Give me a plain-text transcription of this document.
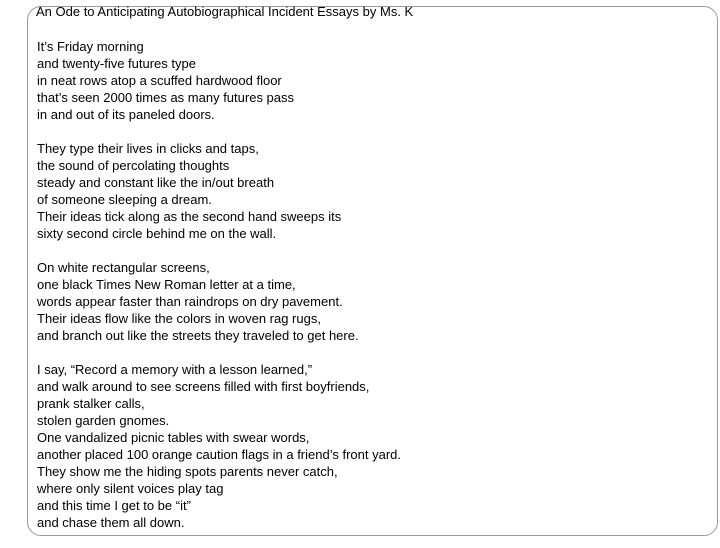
An Ode to Anticipating Autobiographical Incident Essays by Ms. K
It’s Friday morning
and twenty-five futures type
in neat rows atop a scuffed hardwood floor
that’s seen 2000 times as many futures pass
in and out of its paneled doors.
They type their lives in clicks and taps,
the sound of percolating thoughts
steady and constant like the in/out breath
of someone sleeping a dream.
Their ideas tick along as the second hand sweeps its
sixty second circle behind me on the wall.
On white rectangular screens,
one black Times New Roman letter at a time,
words appear faster than raindrops on dry pavement.
Their ideas flow like the colors in woven rag rugs,
and branch out like the streets they traveled to get here.
I say, “Record a memory with a lesson learned,”
and walk around to see screens filled with first boyfriends,
prank stalker calls,
stolen garden gnomes.
One vandalized picnic tables with swear words,
another placed 100 orange caution flags in a friend’s front yard.
They show me the hiding spots parents never catch,
where only silent voices play tag
and this time I get to be “it”
and chase them all down.
